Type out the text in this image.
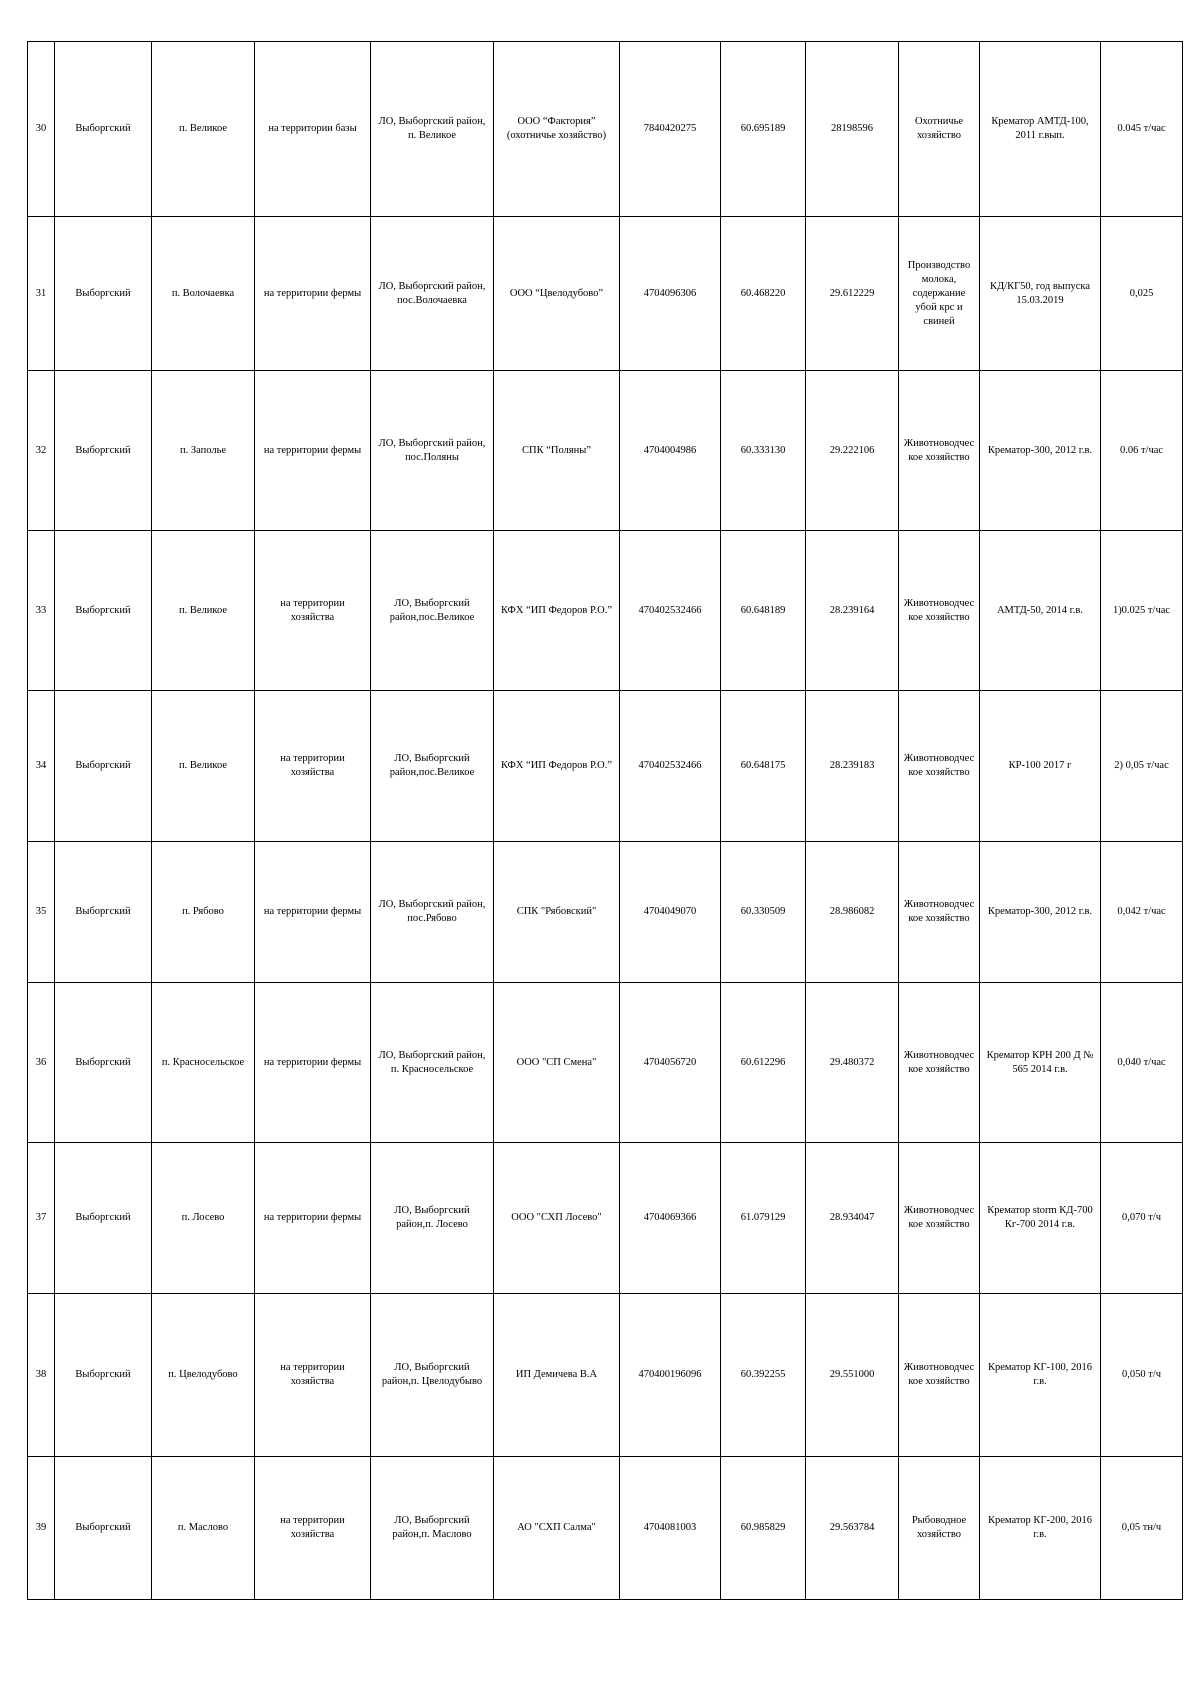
30	Выборгский	п. Великое	на территории базы	ЛО, Выборгский район,
п. Великое	ООО “Фактория”
(охотничье хозяйство)	7840420275	60.695189	28198596	Охотничье
хозяйство	Крематор АМТД-100,
2011 г.вып.	0.045 т/час
31	Выборгский	п. Волочаевка	на территории фермы	ЛО, Выборгский район,
пос.Волочаевка	ООО “Цвелодубово”	4704096306	60.468220	29.612229	Производство
молока,
содержание
убой крс и
свиней	КД/КГ50, год выпуска
15.03.2019	0,025
32	Выборгский	п. Заполье	на территории фермы	ЛО, Выборгский район,
пос.Поляны	СПК “Поляны”	4704004986	60.333130	29.222106	Животноводчес
кое хозяйство	Крематор-300, 2012 г.в.	0.06 т/час
33	Выборгский	п. Великое	на территории
хозяйства	ЛО, Выборгский
район,пос.Великое	КФХ “ИП Федоров Р.О.”	470402532466	60.648189	28.239164	Животноводчес
кое хозяйство	АМТД-50, 2014 г.в.	1)0.025 т/час
34	Выборгский	п. Великое	на территории
хозяйства	ЛО, Выборгский
район,пос.Великое	КФХ “ИП Федоров Р.О.”	470402532466	60.648175	28.239183	Животноводчес
кое хозяйство	КР-100 2017 г	2) 0,05 т/час
35	Выборгский	п. Рябово	на территории фермы	ЛО, Выборгский район,
пос.Рябово	СПК "Рябовский"	4704049070	60.330509	28.986082	Животноводчес
кое хозяйство	Крематор-300, 2012 г.в.	0,042 т/час
36	Выборгский	п. Красносельское	на территории фермы	ЛО, Выборгский район,
п. Красносельское	ООО "СП Смена"	4704056720	60.612296	29.480372	Животноводчес
кое хозяйство	Крематор КРН 200 Д №
565 2014 г.в.	0,040 т/час
37	Выборгский	п. Лосево	на территории фермы	ЛО, Выборгский
район,п. Лосево	ООО "СХП Лосево"	4704069366	61.079129	28.934047	Животноводчес
кое хозяйство	Крематор storm КД-700
Кг-700 2014 г.в.	0,070 т/ч
38	Выборгский	п. Цвелодубово	на территории
хозяйства	ЛО, Выборгский
район,п. Цвелодубыво	ИП Демичева В.А	470400196096	60.392255	29.551000	Животноводчес
кое хозяйство	Крематор КГ-100, 2016
г.в.	0,050 т/ч
39	Выборгский	п. Маслово	на территории
хозяйства	ЛО, Выборгский
район,п. Маслово	АО "СХП Салма"	4704081003	60.985829	29.563784	Рыбоводное
хозяйство	Крематор КГ-200, 2016
г.в.	0,05 тн/ч
